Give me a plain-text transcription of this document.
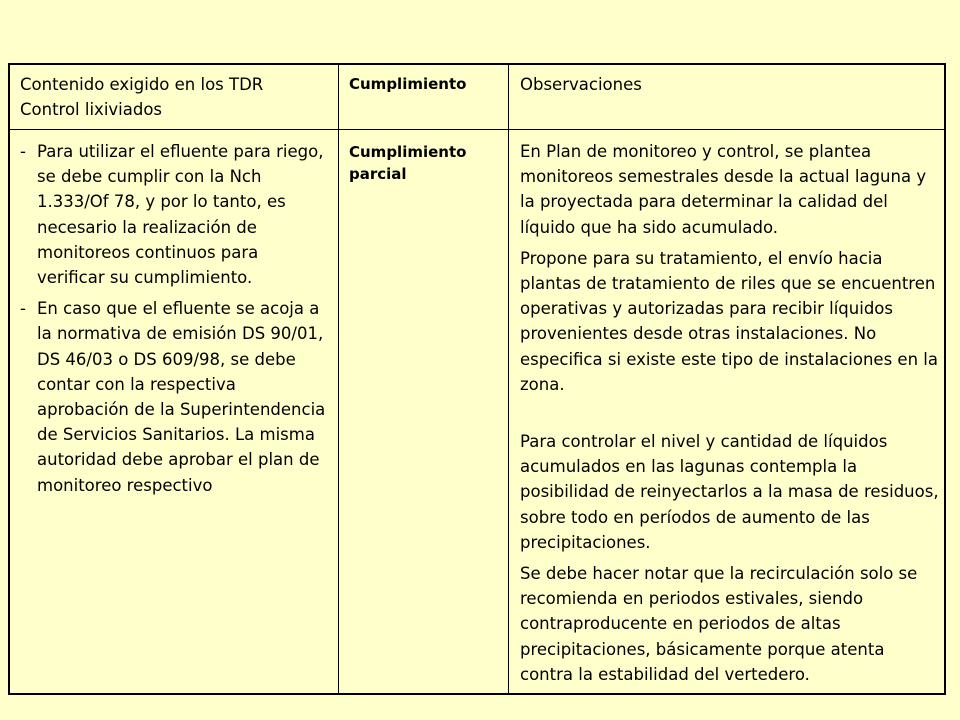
Contenido exigido en los TDR
Control lixiviados
Cumplimiento	Observaciones

- Para utilizar el efluente para riego, se debe cumplir con la Nch 1.333/Of 78, y por lo tanto, es necesario la realización de monitoreos continuos para verificar su cumplimiento.

- En caso que el efluente se acoja a la normativa de emisión DS 90/01, DS 46/03 o DS 609/98, se debe contar con la respectiva aprobación de la Superintendencia de Servicios Sanitarios. La misma autoridad debe aprobar el plan de monitoreo respectivo

Cumplimiento parcial

En Plan de monitoreo y control, se plantea monitoreos semestrales desde la actual laguna y la proyectada para determinar la calidad del líquido que ha sido acumulado.

Propone para su tratamiento, el envío hacia plantas de tratamiento de riles que se encuentren operativas y autorizadas para recibir líquidos provenientes desde otras instalaciones. No especifica si existe este tipo de instalaciones en la zona.

Para controlar el nivel y cantidad de líquidos acumulados en las lagunas contempla la posibilidad de reinyectarlos a la masa de residuos, sobre todo en períodos de aumento de las precipitaciones.

Se debe hacer notar que la recirculación solo se recomienda en periodos estivales, siendo contraproducente en periodos de altas precipitaciones, básicamente porque atenta contra la estabilidad del vertedero.
